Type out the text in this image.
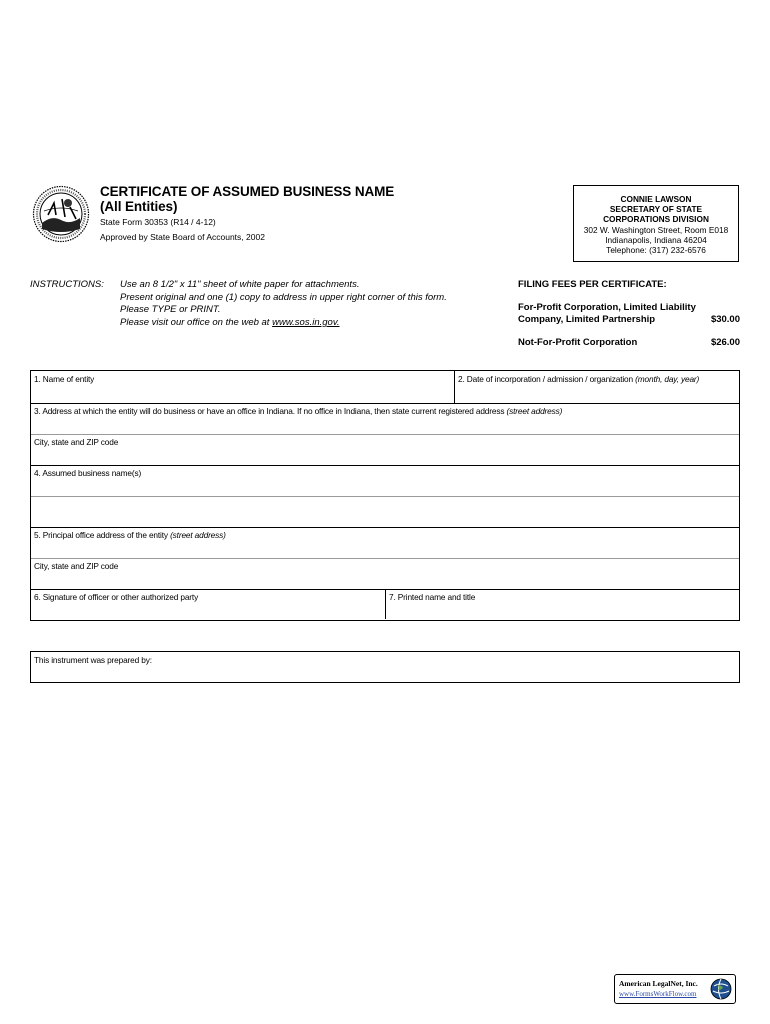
CERTIFICATE OF ASSUMED BUSINESS NAME
(All Entities)
State Form 30353 (R14 / 4-12)
Approved by State Board of Accounts, 2002
CONNIE LAWSON
SECRETARY OF STATE
CORPORATIONS DIVISION
302 W. Washington Street, Room E018
Indianapolis, Indiana 46204
Telephone: (317) 232-6576
INSTRUCTIONS: Use an 8 1/2" x 11" sheet of white paper for attachments.
Present original and one (1) copy to address in upper right corner of this form.
Please TYPE or PRINT.
Please visit our office on the web at www.sos.in.gov.
FILING FEES PER CERTIFICATE:
For-Profit Corporation, Limited Liability
Company, Limited Partnership	$30.00
Not-For-Profit Corporation	$26.00
1. Name of entity	2. Date of incorporation / admission / organization (month, day, year)
3. Address at which the entity will do business or have an office in Indiana. If no office in Indiana, then state current registered address (street address)
City, state and ZIP code
4. Assumed business name(s)
5. Principal office address of the entity (street address)
City, state and ZIP code
6. Signature of officer or other authorized party	7. Printed name and title
This instrument was prepared by:
American LegalNet, Inc.
www.FormsWorkFlow.com
